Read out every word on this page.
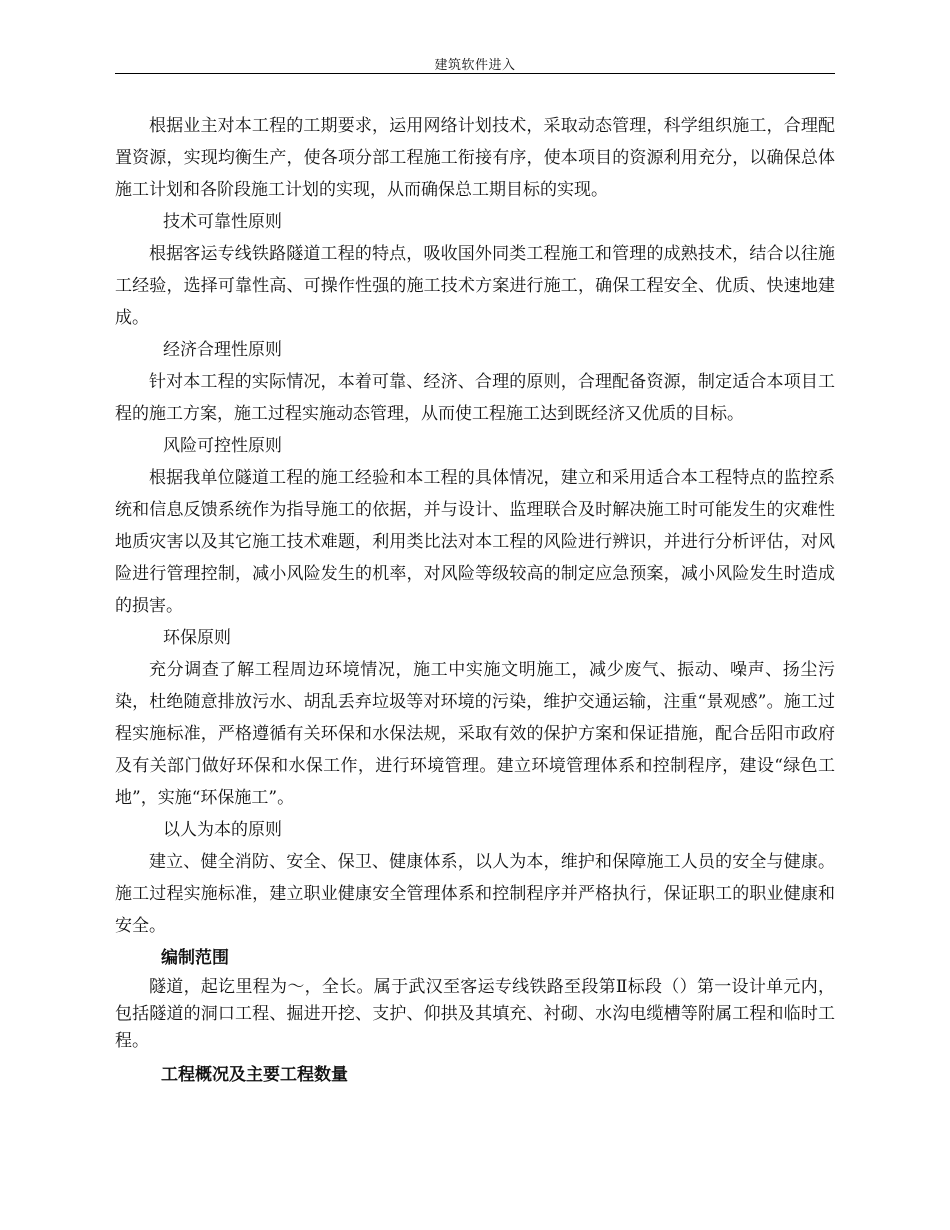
建筑软件进入

根据业主对本工程的工期要求，运用网络计划技术，采取动态管理，科学组织施工，合理配置资源，实现均衡生产，使各项分部工程施工衔接有序，使本项目的资源利用充分，以确保总体施工计划和各阶段施工计划的实现，从而确保总工期目标的实现。

技术可靠性原则

根据客运专线铁路隧道工程的特点，吸收国外同类工程施工和管理的成熟技术，结合以往施工经验，选择可靠性高、可操作性强的施工技术方案进行施工，确保工程安全、优质、快速地建成。

经济合理性原则

针对本工程的实际情况，本着可靠、经济、合理的原则，合理配备资源，制定适合本项目工程的施工方案，施工过程实施动态管理，从而使工程施工达到既经济又优质的目标。

风险可控性原则

根据我单位隧道工程的施工经验和本工程的具体情况，建立和采用适合本工程特点的监控系统和信息反馈系统作为指导施工的依据，并与设计、监理联合及时解决施工时可能发生的灾难性地质灾害以及其它施工技术难题，利用类比法对本工程的风险进行辨识，并进行分析评估，对风险进行管理控制，减小风险发生的机率，对风险等级较高的制定应急预案，减小风险发生时造成的损害。

环保原则

充分调查了解工程周边环境情况，施工中实施文明施工，减少废气、振动、噪声、扬尘污染，杜绝随意排放污水、胡乱丢弃垃圾等对环境的污染，维护交通运输，注重“景观感”。施工过程实施标准，严格遵循有关环保和水保法规，采取有效的保护方案和保证措施，配合岳阳市政府及有关部门做好环保和水保工作，进行环境管理。建立环境管理体系和控制程序，建设“绿色工地”，实施“环保施工”。

以人为本的原则

建立、健全消防、安全、保卫、健康体系，以人为本，维护和保障施工人员的安全与健康。施工过程实施标准，建立职业健康安全管理体系和控制程序并严格执行，保证职工的职业健康和安全。

编制范围

隧道，起讫里程为～，全长。属于武汉至客运专线铁路至段第Ⅱ标段（）第一设计单元内，包括隧道的洞口工程、掘进开挖、支护、仰拱及其填充、衬砌、水沟电缆槽等附属工程和临时工程。

工程概况及主要工程数量
